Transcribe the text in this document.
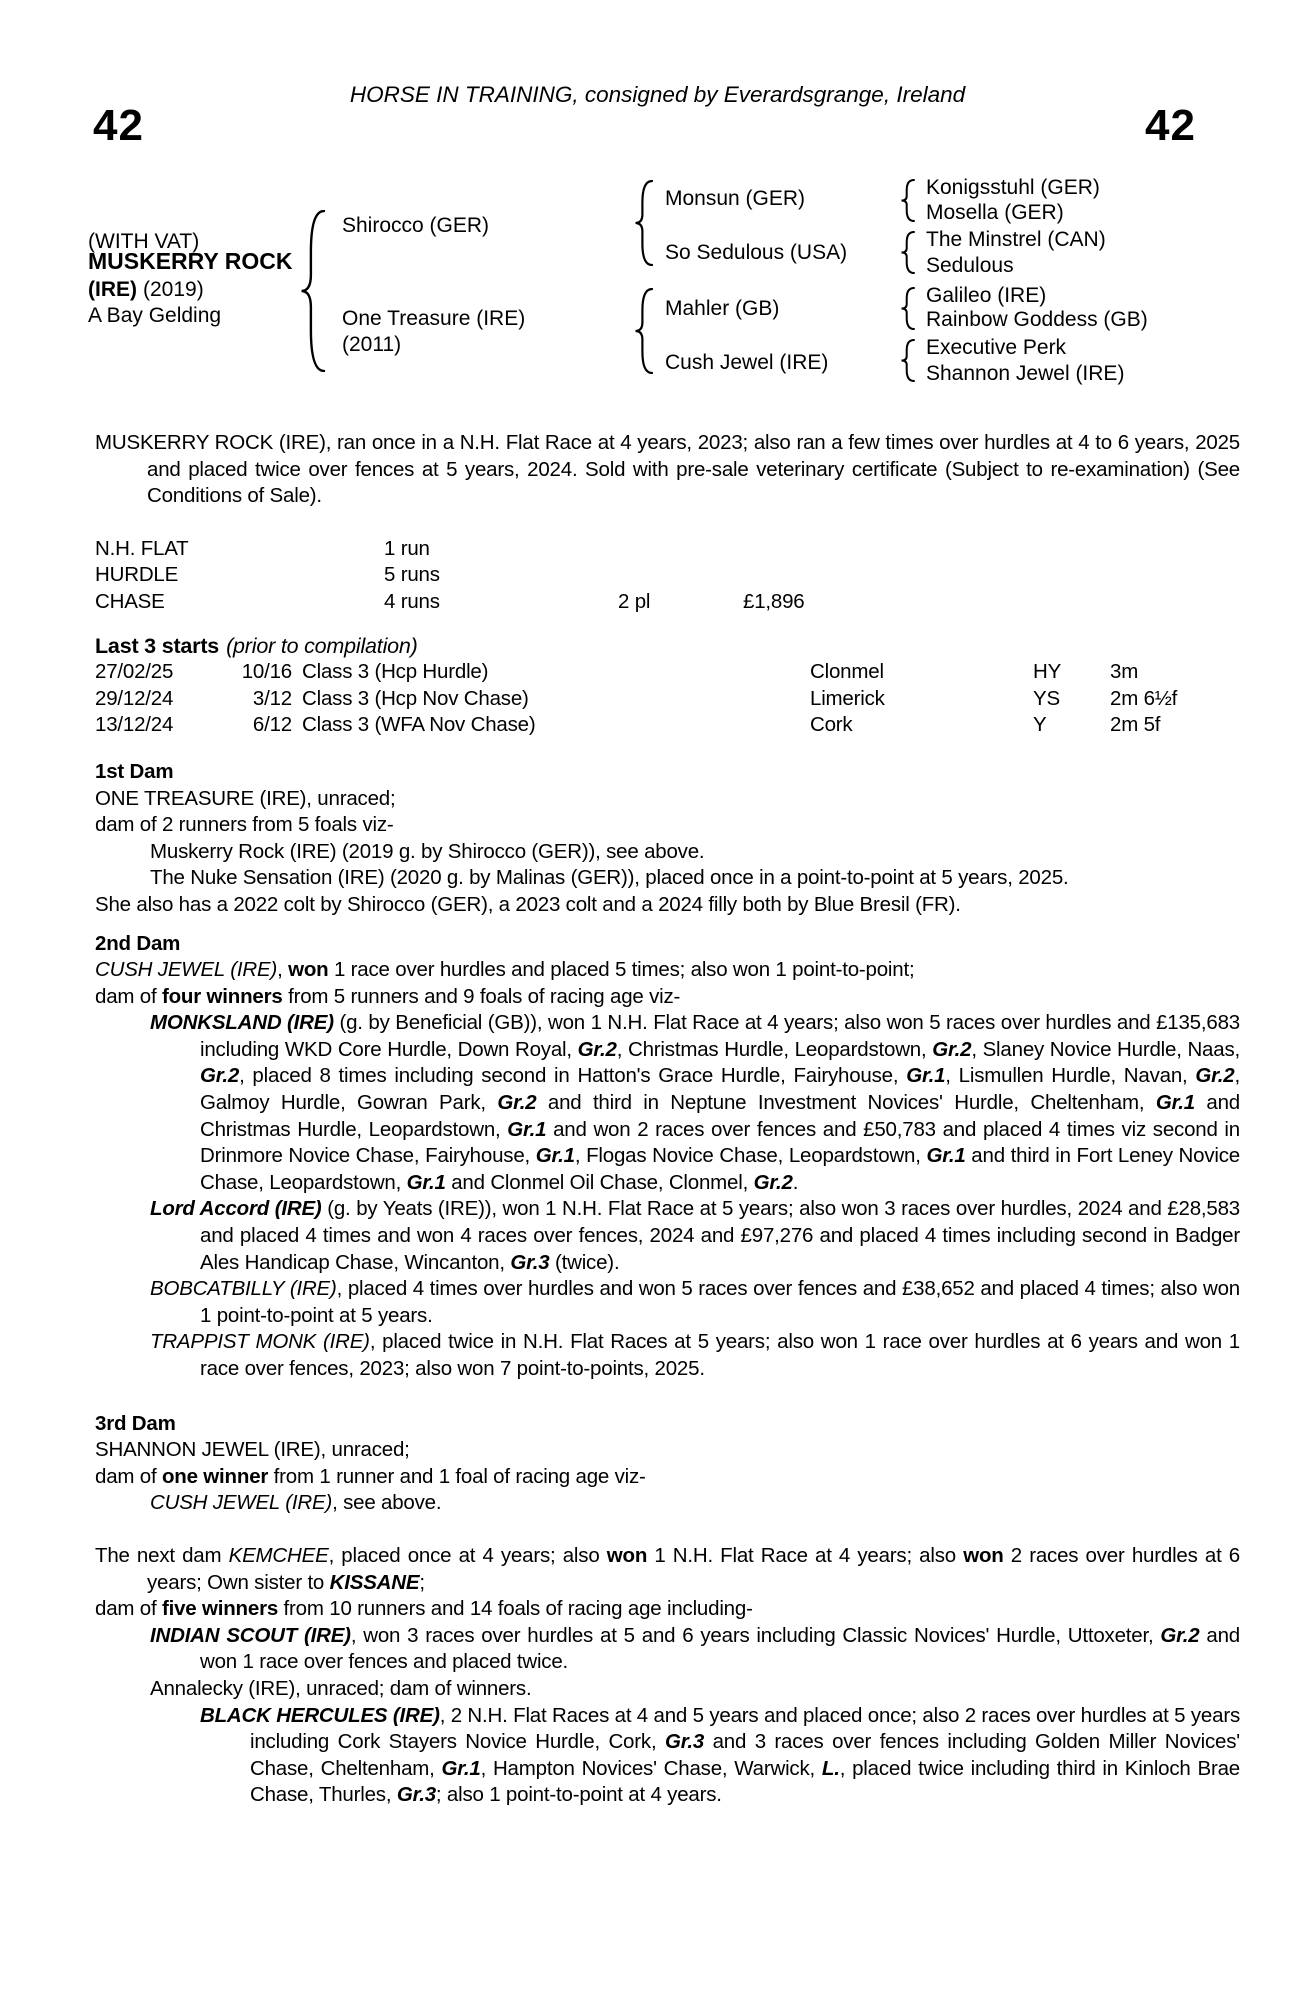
HORSE IN TRAINING, consigned by Everardsgrange, Ireland
42	42
(WITH VAT)
MUSKERRY ROCK
(IRE) (2019)
A Bay Gelding
Shirocco (GER)
One Treasure (IRE)
(2011)
Monsun (GER)
So Sedulous (USA)
Mahler (GB)
Cush Jewel (IRE)
Konigsstuhl (GER)
Mosella (GER)
The Minstrel (CAN)
Sedulous
Galileo (IRE)
Rainbow Goddess (GB)
Executive Perk
Shannon Jewel (IRE)
MUSKERRY ROCK (IRE), ran once in a N.H. Flat Race at 4 years, 2023; also ran a few times over hurdles at 4 to 6 years, 2025 and placed twice over fences at 5 years, 2024. Sold with pre-sale veterinary certificate (Subject to re-examination) (See Conditions of Sale).
N.H. FLAT	1 run
HURDLE	5 runs
CHASE	4 runs	2 pl	£1,896
Last 3 starts (prior to compilation)
27/02/25	10/16 Class 3 (Hcp Hurdle)	Clonmel	HY	3m
29/12/24	3/12 Class 3 (Hcp Nov Chase)	Limerick	YS	2m 6½f
13/12/24	6/12 Class 3 (WFA Nov Chase)	Cork	Y	2m 5f
1st Dam
ONE TREASURE (IRE), unraced;
dam of 2 runners from 5 foals viz-
Muskerry Rock (IRE) (2019 g. by Shirocco (GER)), see above.
The Nuke Sensation (IRE) (2020 g. by Malinas (GER)), placed once in a point-to-point at 5 years, 2025.
She also has a 2022 colt by Shirocco (GER), a 2023 colt and a 2024 filly both by Blue Bresil (FR).
2nd Dam
CUSH JEWEL (IRE), won 1 race over hurdles and placed 5 times; also won 1 point-to-point;
dam of four winners from 5 runners and 9 foals of racing age viz-
MONKSLAND (IRE) (g. by Beneficial (GB)), won 1 N.H. Flat Race at 4 years; also won 5 races over hurdles and £135,683 including WKD Core Hurdle, Down Royal, Gr.2, Christmas Hurdle, Leopardstown, Gr.2, Slaney Novice Hurdle, Naas, Gr.2, placed 8 times including second in Hatton's Grace Hurdle, Fairyhouse, Gr.1, Lismullen Hurdle, Navan, Gr.2, Galmoy Hurdle, Gowran Park, Gr.2 and third in Neptune Investment Novices' Hurdle, Cheltenham, Gr.1 and Christmas Hurdle, Leopardstown, Gr.1 and won 2 races over fences and £50,783 and placed 4 times viz second in Drinmore Novice Chase, Fairyhouse, Gr.1, Flogas Novice Chase, Leopardstown, Gr.1 and third in Fort Leney Novice Chase, Leopardstown, Gr.1 and Clonmel Oil Chase, Clonmel, Gr.2.
Lord Accord (IRE) (g. by Yeats (IRE)), won 1 N.H. Flat Race at 5 years; also won 3 races over hurdles, 2024 and £28,583 and placed 4 times and won 4 races over fences, 2024 and £97,276 and placed 4 times including second in Badger Ales Handicap Chase, Wincanton, Gr.3 (twice).
BOBCATBILLY (IRE), placed 4 times over hurdles and won 5 races over fences and £38,652 and placed 4 times; also won 1 point-to-point at 5 years.
TRAPPIST MONK (IRE), placed twice in N.H. Flat Races at 5 years; also won 1 race over hurdles at 6 years and won 1 race over fences, 2023; also won 7 point-to-points, 2025.
3rd Dam
SHANNON JEWEL (IRE), unraced;
dam of one winner from 1 runner and 1 foal of racing age viz-
CUSH JEWEL (IRE), see above.
The next dam KEMCHEE, placed once at 4 years; also won 1 N.H. Flat Race at 4 years; also won 2 races over hurdles at 6 years; Own sister to KISSANE;
dam of five winners from 10 runners and 14 foals of racing age including-
INDIAN SCOUT (IRE), won 3 races over hurdles at 5 and 6 years including Classic Novices' Hurdle, Uttoxeter, Gr.2 and won 1 race over fences and placed twice.
Annalecky (IRE), unraced; dam of winners.
BLACK HERCULES (IRE), 2 N.H. Flat Races at 4 and 5 years and placed once; also 2 races over hurdles at 5 years including Cork Stayers Novice Hurdle, Cork, Gr.3 and 3 races over fences including Golden Miller Novices' Chase, Cheltenham, Gr.1, Hampton Novices' Chase, Warwick, L., placed twice including third in Kinloch Brae Chase, Thurles, Gr.3; also 1 point-to-point at 4 years.
